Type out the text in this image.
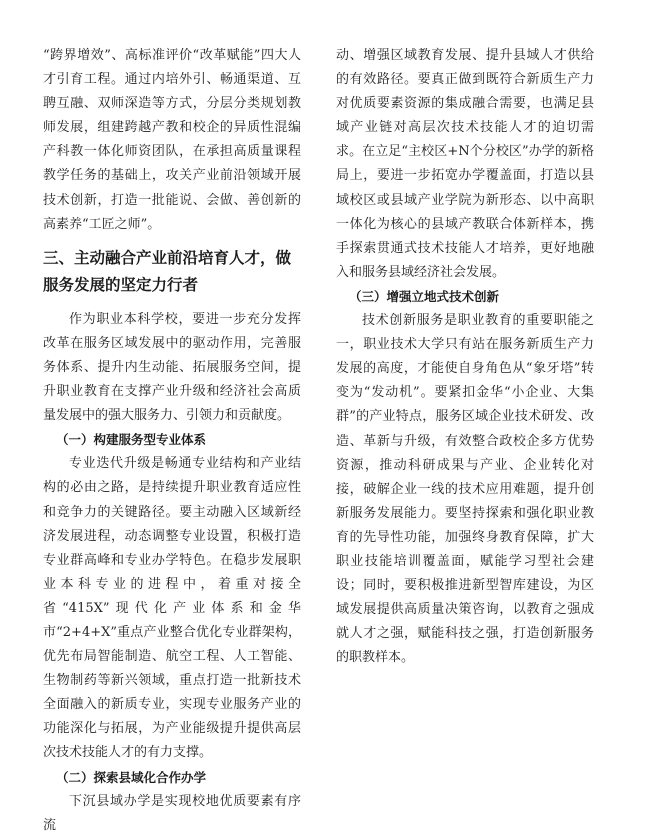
“跨界增效”、高标准评价“改革赋能”四大人才引育工程。通过内培外引、畅通渠道、互聘互融、双师深造等方式，分层分类规划教师发展，组建跨越产教和校企的异质性混编产科教一体化师资团队，在承担高质量课程教学任务的基础上，攻关产业前沿领域开展技术创新，打造一批能说、会做、善创新的高素养“工匠之师”。

三、主动融合产业前沿培育人才，做服务发展的坚定力行者

作为职业本科学校，要进一步充分发挥改革在服务区域发展中的驱动作用，完善服务体系、提升内生动能、拓展服务空间，提升职业教育在支撑产业升级和经济社会高质量发展中的强大服务力、引领力和贡献度。

（一）构建服务型专业体系

专业迭代升级是畅通专业结构和产业结构的必由之路，是持续提升职业教育适应性和竞争力的关键路径。要主动融入区域新经济发展进程，动态调整专业设置，积极打造专业群高峰和专业办学特色。在稳步发展职业本科专业的进程中，着重对接全省“415X”现代化产业体系和金华市“2+4+X”重点产业整合优化专业群架构，优先布局智能制造、航空工程、人工智能、生物制药等新兴领域，重点打造一批新技术全面融入的新质专业，实现专业服务产业的功能深化与拓展，为产业能级提升提供高层次技术技能人才的有力支撑。

（二）探索县域化合作办学

下沉县域办学是实现校地优质要素有序流

动、增强区域教育发展、提升县域人才供给的有效路径。要真正做到既符合新质生产力对优质要素资源的集成融合需要，也满足县域产业链对高层次技术技能人才的迫切需求。在立足“主校区+N个分校区”办学的新格局上，要进一步拓宽办学覆盖面，打造以县域校区或县域产业学院为新形态、以中高职一体化为核心的县域产教联合体新样本，携手探索贯通式技术技能人才培养，更好地融入和服务县域经济社会发展。

（三）增强立地式技术创新

技术创新服务是职业教育的重要职能之一，职业技术大学只有站在服务新质生产力发展的高度，才能使自身角色从“象牙塔”转变为“发动机”。要紧扣金华“小企业、大集群”的产业特点，服务区域企业技术研发、改造、革新与升级，有效整合政校企多方优势资源，推动科研成果与产业、企业转化对接，破解企业一线的技术应用难题，提升创新服务发展能力。要坚持探索和强化职业教育的先导性功能，加强终身教育保障，扩大职业技能培训覆盖面，赋能学习型社会建设；同时，要积极推进新型智库建设，为区域发展提供高质量决策咨询，以教育之强成就人才之强，赋能科技之强，打造创新服务的职教样本。
